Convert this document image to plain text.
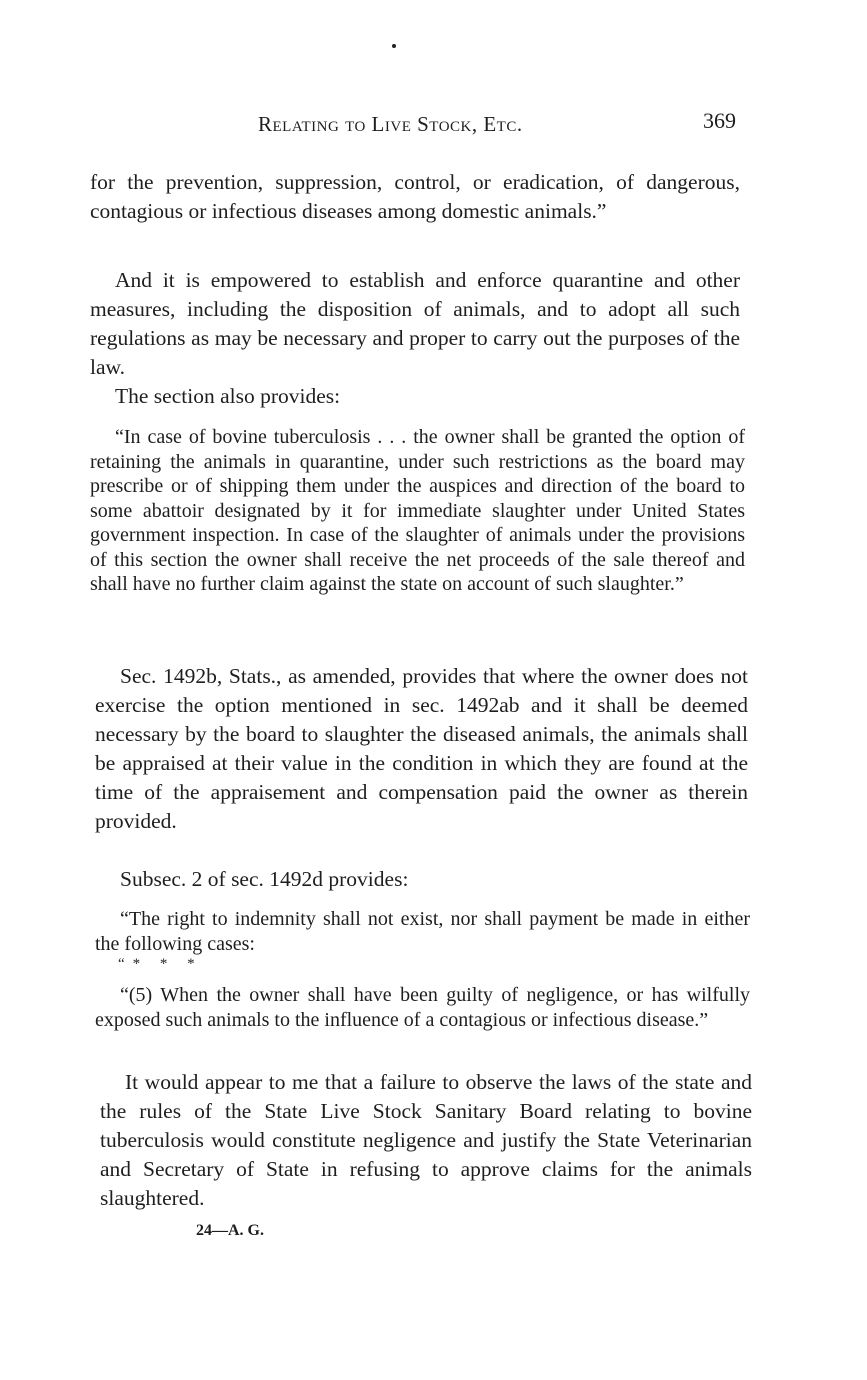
Relating to Live Stock, Etc.	369

for the prevention, suppression, control, or eradication, of dangerous, contagious or infectious diseases among domestic animals.”

And it is empowered to establish and enforce quarantine and other measures, including the disposition of animals, and to adopt all such regulations as may be necessary and proper to carry out the purposes of the law.

The section also provides:

“In case of bovine tuberculosis . . . the owner shall be granted the option of retaining the animals in quarantine, under such restrictions as the board may prescribe or of shipping them under the auspices and direction of the board to some abattoir designated by it for immediate slaughter under United States government inspection. In case of the slaughter of animals under the provisions of this section the owner shall receive the net proceeds of the sale thereof and shall have no further claim against the state on account of such slaughter.”

Sec. 1492b, Stats., as amended, provides that where the owner does not exercise the option mentioned in sec. 1492ab and it shall be deemed necessary by the board to slaughter the diseased animals, the animals shall be appraised at their value in the condition in which they are found at the time of the appraisement and compensation paid the owner as therein provided.

Subsec. 2 of sec. 1492d provides:

“The right to indemnity shall not exist, nor shall payment be made in either the following cases:

“* * *

“(5) When the owner shall have been guilty of negligence, or has wilfully exposed such animals to the influence of a contagious or infectious disease.”

It would appear to me that a failure to observe the laws of the state and the rules of the State Live Stock Sanitary Board relating to bovine tuberculosis would constitute negligence and justify the State Veterinarian and Secretary of State in refusing to approve claims for the animals slaughtered.

24—A. G.
